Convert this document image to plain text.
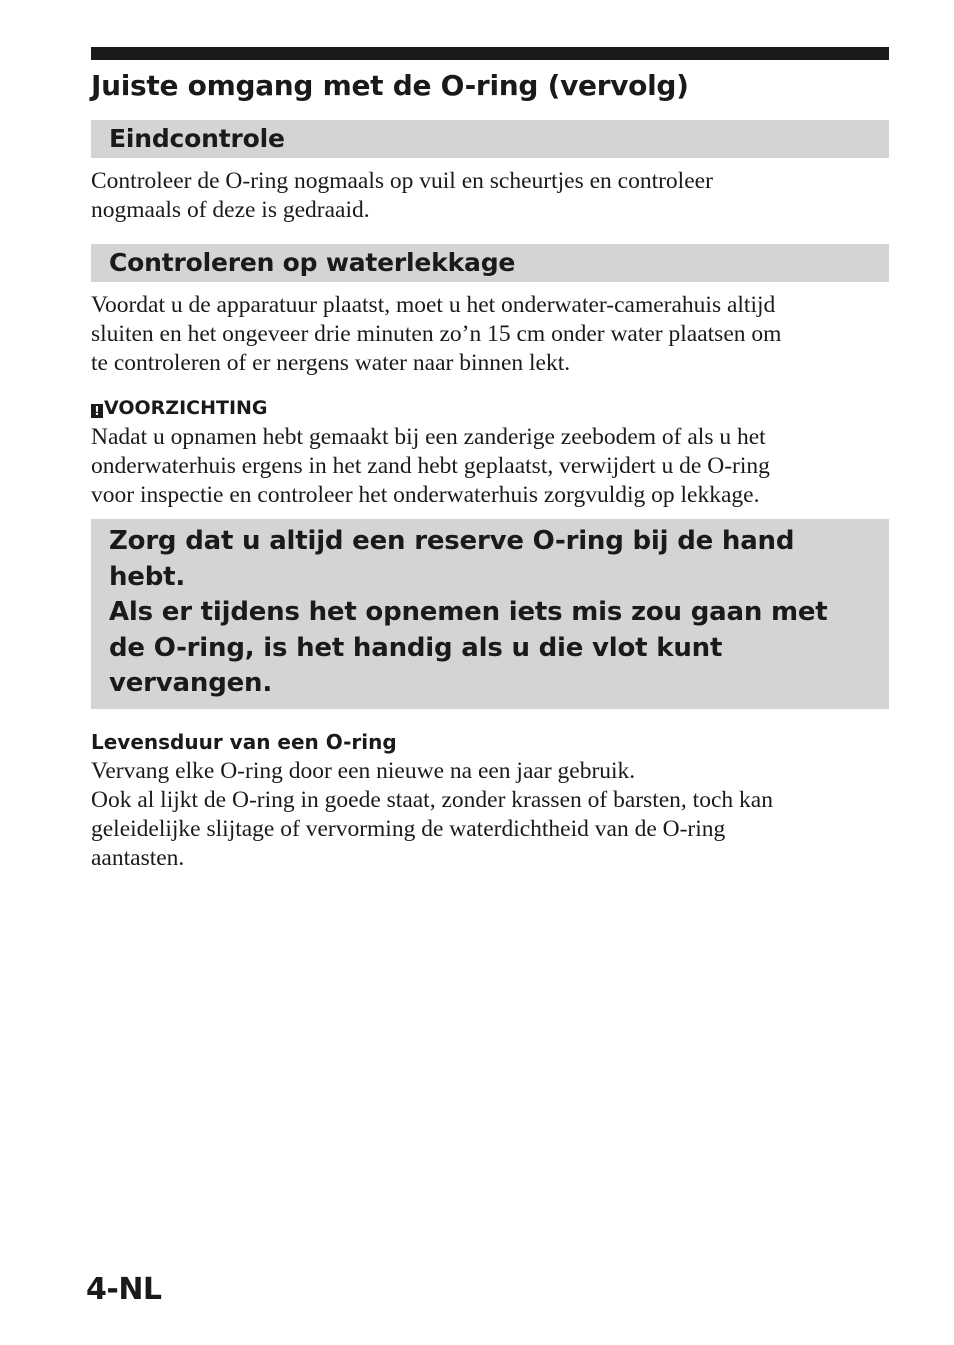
Juiste omgang met de O-ring (vervolg)
Eindcontrole

Controleer de O-ring nogmaals op vuil en scheurtjes en controleer
nogmaals of deze is gedraaid.

Controleren op waterlekkage

Voordat u de apparatuur plaatst, moet u het onderwater-camerahuis altijd
sluiten en het ongeveer drie minuten zo’n 15 cm onder water plaatsen om
te controleren of er nergens water naar binnen lekt.

! VOORZICHTING

Nadat u opnamen hebt gemaakt bij een zanderige zeebodem of als u het
onderwaterhuis ergens in het zand hebt geplaatst, verwijdert u de O-ring
voor inspectie en controleer het onderwaterhuis zorgvuldig op lekkage.

Zorg dat u altijd een reserve O-ring bij de hand hebt.
Als er tijdens het opnemen iets mis zou gaan met de O-ring, is het handig als u die vlot kunt vervangen.

Levensduur van een O-ring

Vervang elke O-ring door een nieuwe na een jaar gebruik.
Ook al lijkt de O-ring in goede staat, zonder krassen of barsten, toch kan
geleidelijke slijtage of vervorming de waterdichtheid van de O-ring
aantasten.

4-NL
